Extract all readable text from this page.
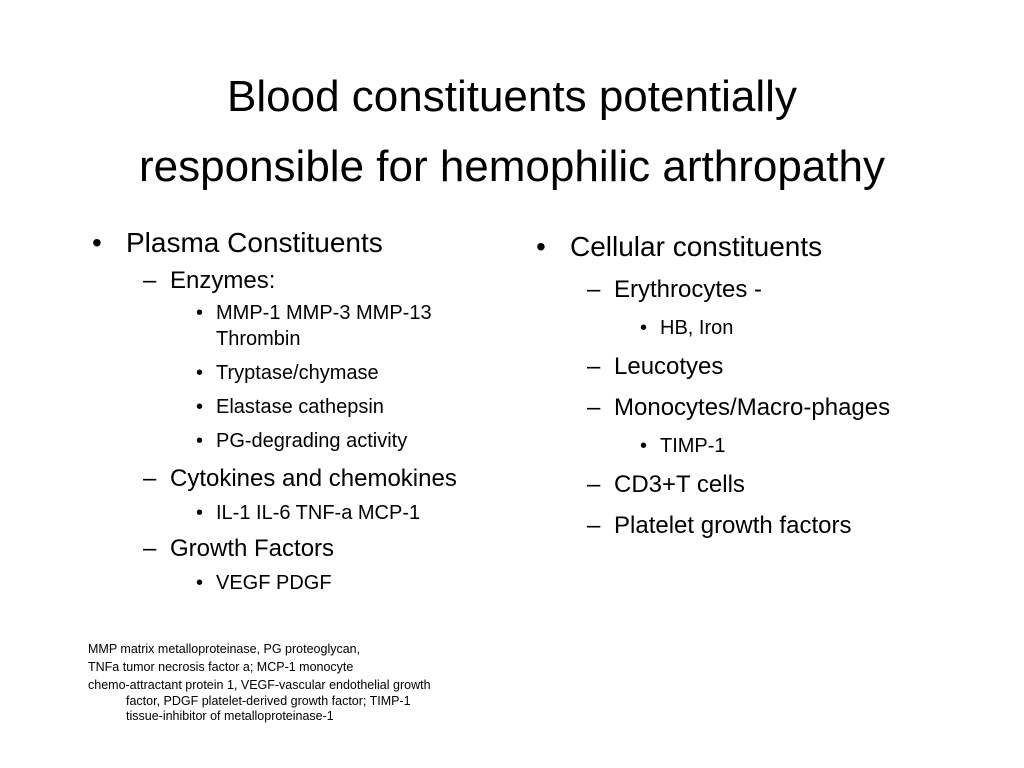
Blood constituents potentially
responsible for hemophilic arthropathy
• Plasma Constituents
– Enzymes:
• MMP-1 MMP-3 MMP-13 Thrombin
• Tryptase/chymase
• Elastase cathepsin
• PG-degrading activity
– Cytokines and chemokines
• IL-1 IL-6 TNF-a MCP-1
– Growth Factors
• VEGF PDGF
• Cellular constituents
– Erythrocytes -
• HB, Iron
– Leucotyes
– Monocytes/Macro-phages
• TIMP-1
– CD3+T cells
– Platelet growth factors
MMP matrix metalloproteinase, PG proteoglycan,
TNFa tumor necrosis factor a; MCP-1 monocyte
chemo-attractant protein 1, VEGF-vascular endothelial growth
factor, PDGF platelet-derived growth factor; TIMP-1
tissue-inhibitor of metalloproteinase-1
